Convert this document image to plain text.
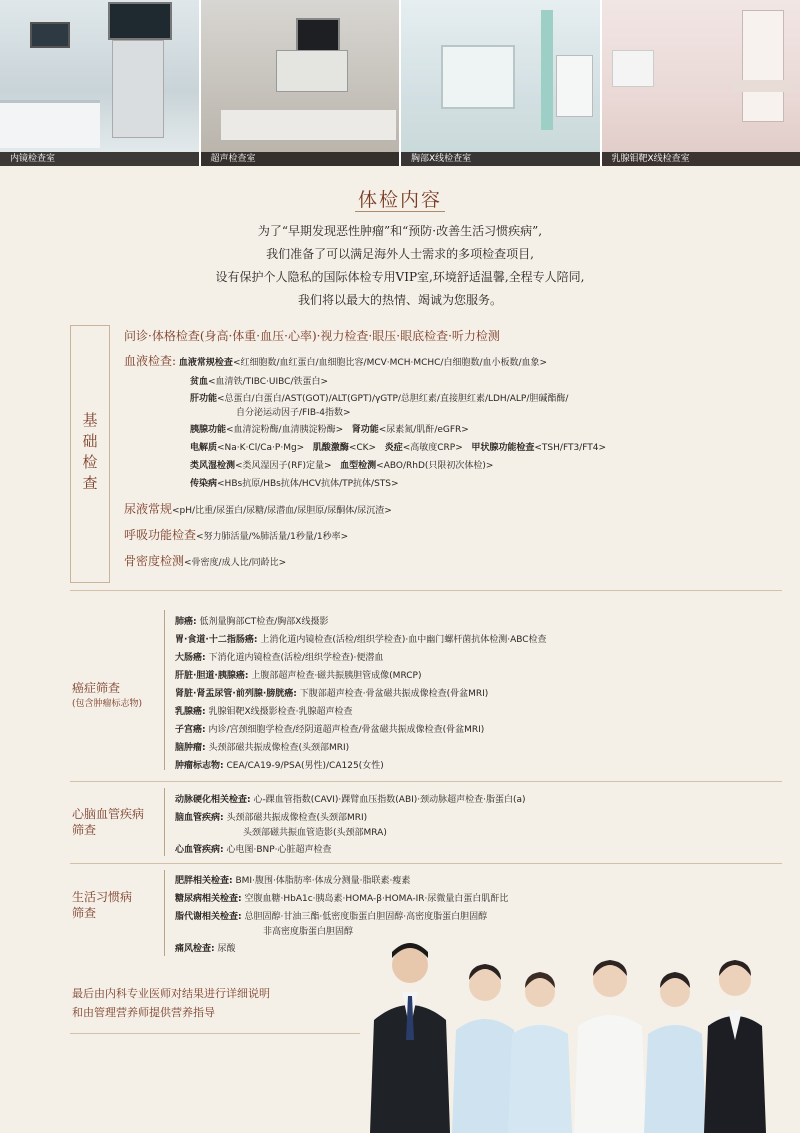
内镜检查室	超声检查室	胸部X线检查室	乳腺钼靶X线检查室
体检内容
为了“早期发现恶性肿瘤”和“预防·改善生活习惯疾病”,
我们准备了可以满足海外人士需求的多项检查项目,
设有保护个人隐私的国际体检专用VIP室,环境舒适温馨,全程专人陪同,
我们将以最大的热情、竭诚为您服务。
基础检查
问诊·体格检查(身高·体重·血压·心率)·视力检查·眼压·眼底检查·听力检测
血液检查: 血液常规检查<红细胞数/血红蛋白/血细胞比容/MCV·MCH·MCHC/白细胞数/血小板数/血象>
贫血<血清铁/TIBC·UIBC/铁蛋白>
肝功能<总蛋白/白蛋白/AST(GOT)/ALT(GPT)/γGTP/总胆红素/直接胆红素/LDH/ALP/胆碱酯酶/
自分泌运动因子/FIB-4指数>
胰腺功能<血清淀粉酶/血清胰淀粉酶> 肾功能<尿素氮/肌酐/eGFR>
电解质<Na·K·Cl/Ca·P·Mg> 肌酸激酶<CK> 炎症<高敏度CRP> 甲状腺功能检查<TSH/FT3/FT4>
类风湿检测<类风湿因子(RF)定量> 血型检测<ABO/RhD(只限初次体检)>
传染病<HBs抗原/HBs抗体/HCV抗体/TP抗体/STS>
尿液常规<pH/比重/尿蛋白/尿糖/尿潜血/尿胆原/尿酮体/尿沉渣>
呼吸功能检查<努力肺活量/%肺活量/1秒量/1秒率>
骨密度检测<骨密度/成人比/同龄比>
癌症筛查
(包含肿瘤标志物)
肺癌: 低剂量胸部CT检查/胸部X线摄影
胃·食道·十二指肠癌: 上消化道内镜检查(活检/组织学检查)·血中幽门螺杆菌抗体检测·ABC检查
大肠癌: 下消化道内镜检查(活检/组织学检查)·便潜血
肝脏·胆道·胰腺癌: 上腹部超声检查·磁共振胰胆管成像(MRCP)
肾脏·肾盂尿管·前列腺·膀胱癌: 下腹部超声检查·骨盆磁共振成像检查(骨盆MRI)
乳腺癌: 乳腺钼靶X线摄影检查·乳腺超声检查
子宫癌: 内诊/宫颈细胞学检查/经阴道超声检查/骨盆磁共振成像检查(骨盆MRI)
脑肿瘤: 头颈部磁共振成像检查(头颈部MRI)
肿瘤标志物: CEA/CA19-9/PSA(男性)/CA125(女性)
心脑血管疾病
筛查
动脉硬化相关检查: 心-踝血管指数(CAVI)·踝臂血压指数(ABI)·颈动脉超声检查·脂蛋白(a)
脑血管疾病: 头颈部磁共振成像检查(头颈部MRI)
头颈部磁共振血管造影(头颈部MRA)
心血管疾病: 心电图·BNP·心脏超声检查
生活习惯病
筛查
肥胖相关检查: BMI·腹围·体脂肪率·体成分测量·脂联素·瘦素
糖尿病相关检查: 空腹血糖·HbA1c·胰岛素·HOMA-β·HOMA-IR·尿微量白蛋白肌酐比
脂代谢相关检查: 总胆固醇·甘油三酯·低密度脂蛋白胆固醇·高密度脂蛋白胆固醇
非高密度脂蛋白胆固醇
痛风检查: 尿酸
最后由内科专业医师对结果进行详细说明
和由管理营养师提供营养指导
